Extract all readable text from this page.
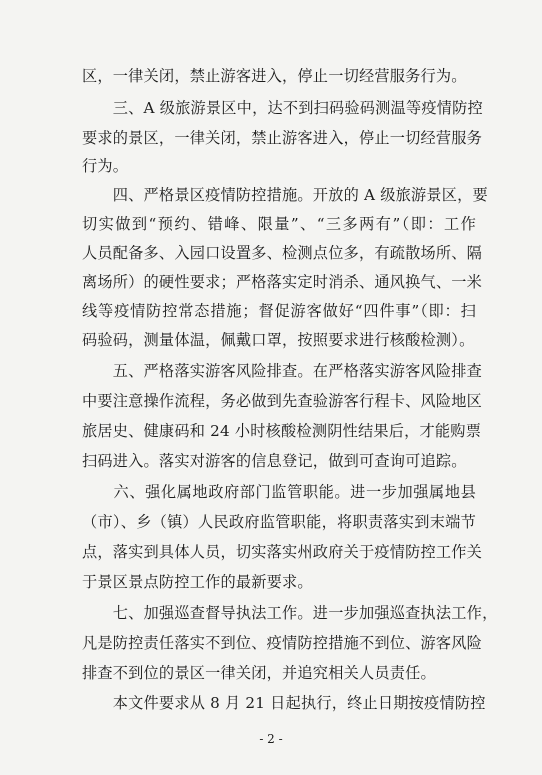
区，一律关闭，禁止游客进入，停止一切经营服务行为。
　　三、A 级旅游景区中，达不到扫码验码测温等疫情防控
要求的景区，一律关闭，禁止游客进入，停止一切经营服务
行为。
　　四、严格景区疫情防控措施。开放的 A 级旅游景区，要
切实做到“预约、错峰、限量”、“三多两有”（即：工作
人员配备多、入园口设置多、检测点位多，有疏散场所、隔
离场所）的硬性要求；严格落实定时消杀、通风换气、一米
线等疫情防控常态措施；督促游客做好“四件事”（即：扫
码验码，测量体温，佩戴口罩，按照要求进行核酸检测）。
　　五、严格落实游客风险排查。在严格落实游客风险排查
中要注意操作流程，务必做到先查验游客行程卡、风险地区
旅居史、健康码和 24 小时核酸检测阴性结果后，才能购票
扫码进入。落实对游客的信息登记，做到可查询可追踪。
　　六、强化属地政府部门监管职能。进一步加强属地县
（市）、乡（镇）人民政府监管职能，将职责落实到末端节
点，落实到具体人员，切实落实州政府关于疫情防控工作关
于景区景点防控工作的最新要求。
　　七、加强巡查督导执法工作。进一步加强巡查执法工作，
凡是防控责任落实不到位、疫情防控措施不到位、游客风险
排查不到位的景区一律关闭，并追究相关人员责任。
　　本文件要求从 8 月 21 日起执行，终止日期按疫情防控
- 2 -
